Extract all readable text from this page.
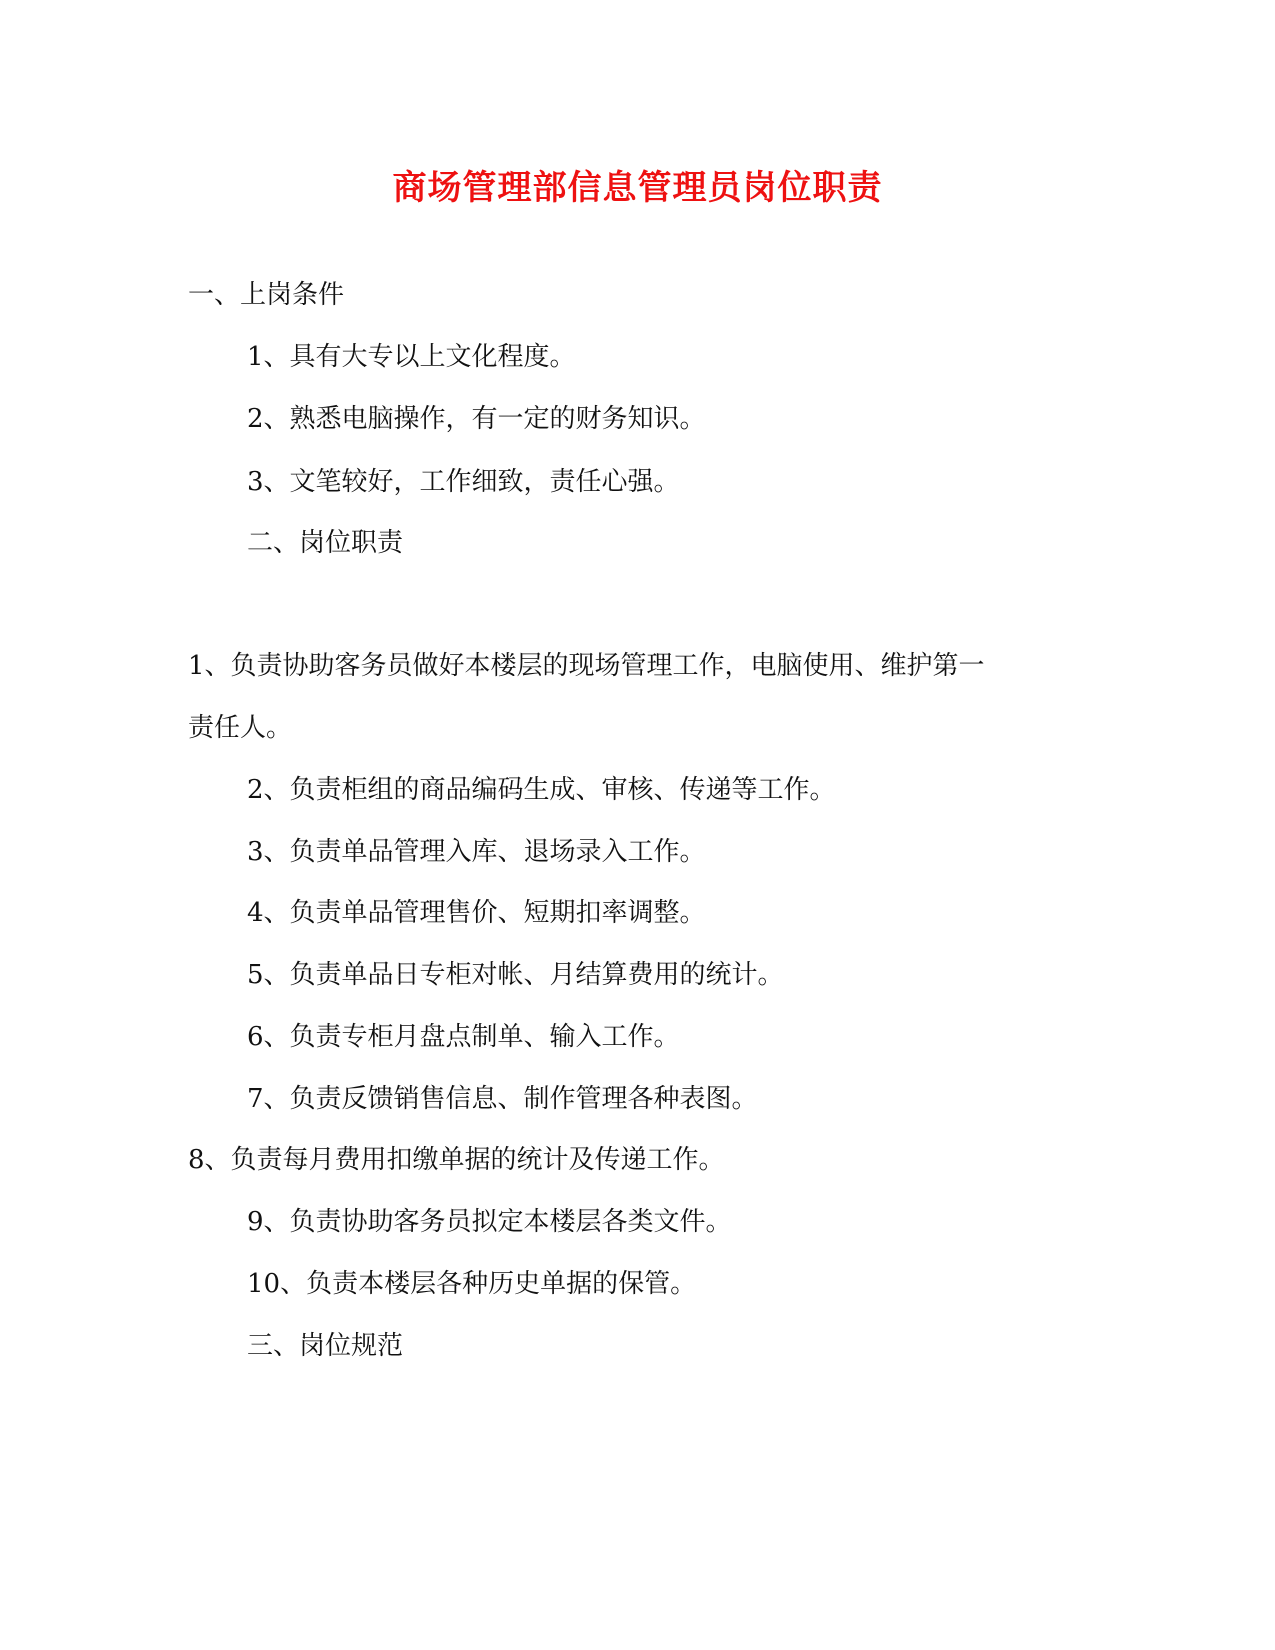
商场管理部信息管理员岗位职责

一、上岗条件

1、具有大专以上文化程度。

2、熟悉电脑操作，有一定的财务知识。

3、文笔较好，工作细致，责任心强。

二、岗位职责

1、负责协助客务员做好本楼层的现场管理工作，电脑使用、维护第一

责任人。

2、负责柜组的商品编码生成、审核、传递等工作。

3、负责单品管理入库、退场录入工作。

4、负责单品管理售价、短期扣率调整。

5、负责单品日专柜对帐、月结算费用的统计。

6、负责专柜月盘点制单、输入工作。

7、负责反馈销售信息、制作管理各种表图。

8、负责每月费用扣缴单据的统计及传递工作。

9、负责协助客务员拟定本楼层各类文件。

10、负责本楼层各种历史单据的保管。

三、岗位规范
